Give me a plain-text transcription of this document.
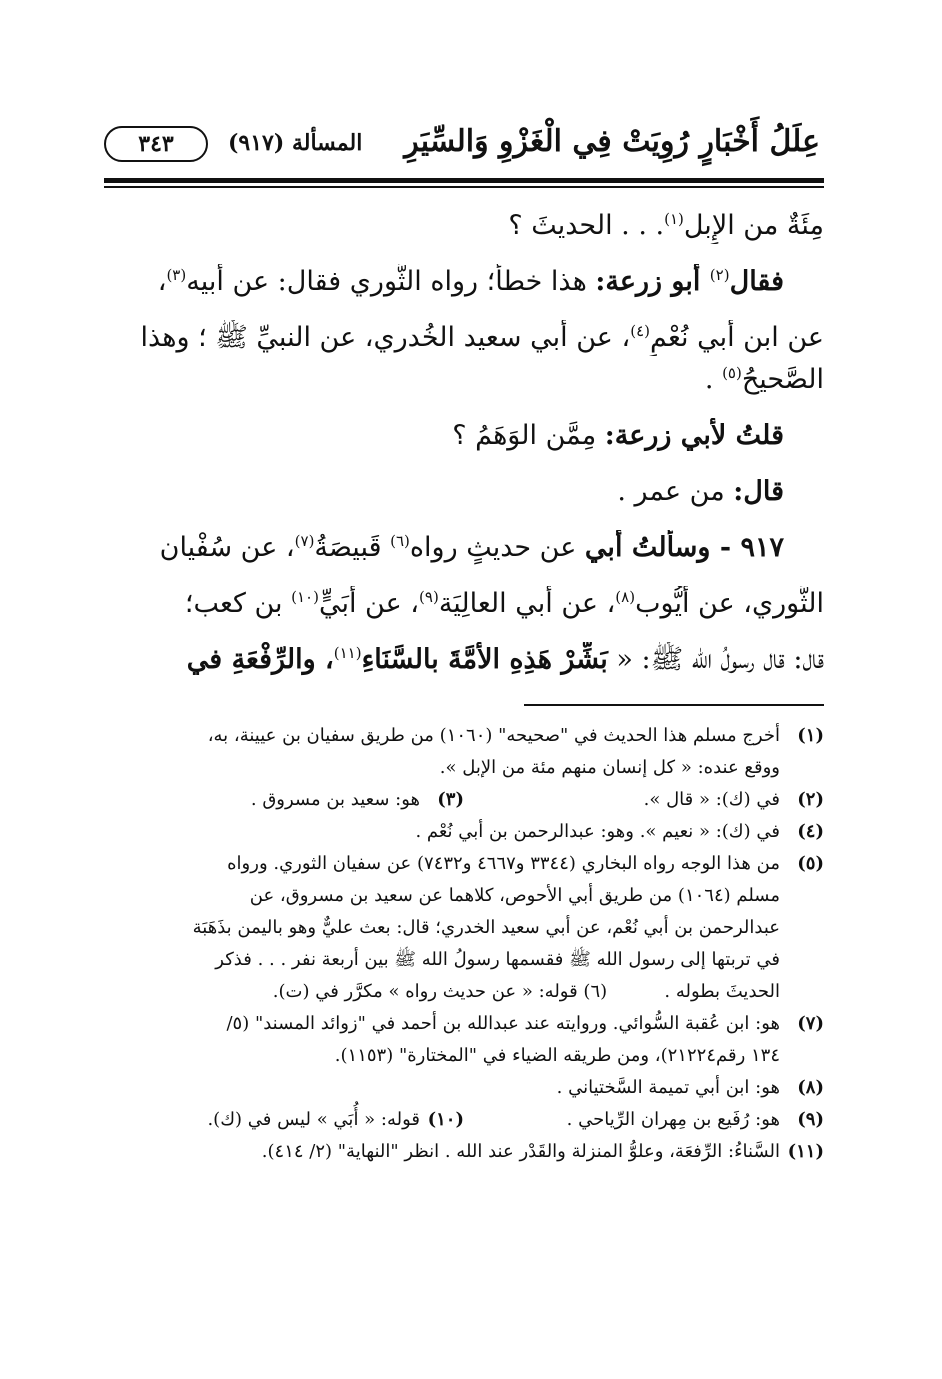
عِلَلُ أَخْبَارٍ رُوِيَتْ فِي الْغَزْوِ وَالسِّيَرِ
المسألة (٩١٧)
٣٤٣

مِئَةٌ من الإِبل$^{(١)}$. . . الحديثَ ؟

فقال$^{(٢)}$ أبو زرعة: هذا خطأٌ؛ رواه الثَّوري فقال: عن أبيه$^{(٣)}$،

عن ابن أبي نُعْمٍ$^{(٤)}$، عن أبي سعيد الخُدري، عن النبيِّ ﷺ ؛ وهذا

الصَّحيحُ$^{(٥)}$ .

قلتُ لأبي زرعة: مِمَّن الوَهَمُ ؟

قال: من عمر .

٩١٧ - وسألتُ أبي عن حديثٍ رواه$^{(٦)}$ قَبيصَةُ$^{(٧)}$، عن سُفْيان

الثَّوري، عن أيُّوب$^{(٨)}$، عن أبي العالِيَة$^{(٩)}$، عن أُبَيٍّ$^{(١٠)}$ بن كعب؛

قال: قال رسولُ الله ﷺ: « بَشِّرْ هَذِهِ الأُمَّةَ بالسَّنَاءِ$^{(١١)}$، والرِّفْعَةِ في

(١)

أخرج مسلم هذا الحديث في "صحيحه" (١٠٦٠) من طريق سفيان بن عيينة، به،

ووقع عنده: « كل إنسان منهم مئة من الإبل ».

(٢)
في (ك): « قال ».
(٣)
هو: سعيد بن مسروق .
(٤)

في (ك): « نعيم ». وهو: عبدالرحمن بن أبي نُعْم .

(٥)

من هذا الوجه رواه البخاري (٣٣٤٤ و٤٦٦٧ و٧٤٣٢) عن سفيان الثوري. ورواه

مسلم (١٠٦٤) من طريق أبي الأحوص، كلاهما عن سعيد بن مسروق، عن

عبدالرحمن بن أبي نُعْم، عن أبي سعيد الخدري؛ قال: بعث عليٌّ وهو باليمن بذَهَبَة

في تربتها إلى رسول الله ﷺ فقسمها رسولُ الله ﷺ بين أربعة نفر . . . فذكر

الحديثَ بطوله .          (٦) قوله: « عن حديث رواه » مكرَّر في (ت).

(٧)

هو: ابن عُقبة السُّوائي. وروايته عند عبدالله بن أحمد في "زوائد المسند" (٥/

١٣٤ رقم٢١٢٢٤)، ومن طريقه الضياء في "المختارة" (١١٥٣).

(٨)

هو: ابن أبي تميمة السَّختياني .

(٩)
هو: رُفَيع بن مِهران الرِّياحي .
(١٠)
قوله: « أُبَي » ليس في (ك).
(١١)

السَّناءُ: الرِّفعَة، وعلوُّ المنزلة والقَدْر عند الله . انظر "النهاية" (٢/ ٤١٤).
